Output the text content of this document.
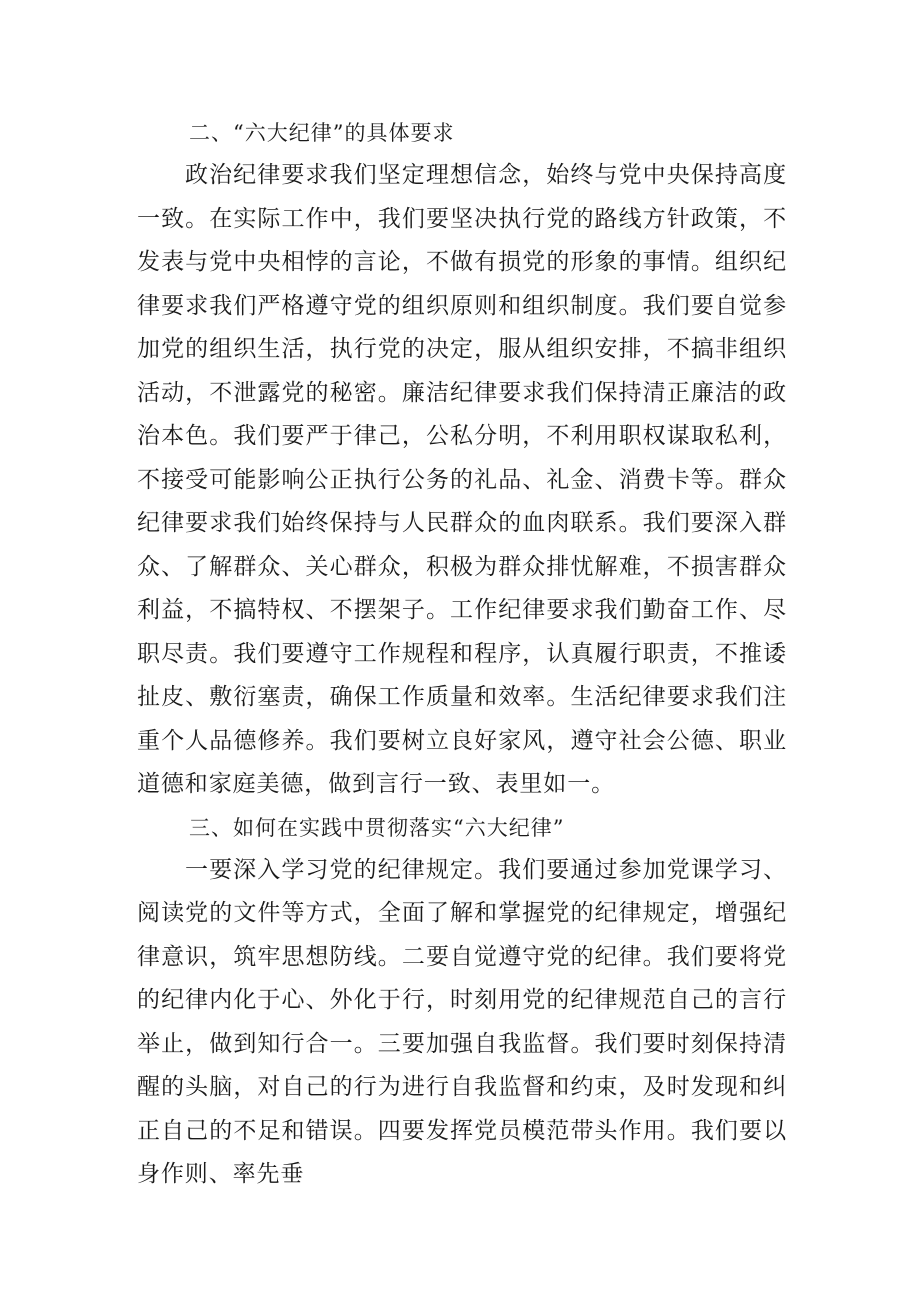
二、“六大纪律”的具体要求

政治纪律要求我们坚定理想信念，始终与党中央保持高度一致。在实际工作中，我们要坚决执行党的路线方针政策，不发表与党中央相悖的言论，不做有损党的形象的事情。组织纪律要求我们严格遵守党的组织原则和组织制度。我们要自觉参加党的组织生活，执行党的决定，服从组织安排，不搞非组织活动，不泄露党的秘密。廉洁纪律要求我们保持清正廉洁的政治本色。我们要严于律己，公私分明，不利用职权谋取私利，不接受可能影响公正执行公务的礼品、礼金、消费卡等。群众纪律要求我们始终保持与人民群众的血肉联系。我们要深入群众、了解群众、关心群众，积极为群众排忧解难，不损害群众利益，不搞特权、不摆架子。工作纪律要求我们勤奋工作、尽职尽责。我们要遵守工作规程和程序，认真履行职责，不推诿扯皮、敷衍塞责，确保工作质量和效率。生活纪律要求我们注重个人品德修养。我们要树立良好家风，遵守社会公德、职业道德和家庭美德，做到言行一致、表里如一。

三、如何在实践中贯彻落实“六大纪律”

一要深入学习党的纪律规定。我们要通过参加党课学习、阅读党的文件等方式，全面了解和掌握党的纪律规定，增强纪律意识，筑牢思想防线。二要自觉遵守党的纪律。我们要将党的纪律内化于心、外化于行，时刻用党的纪律规范自己的言行举止，做到知行合一。三要加强自我监督。我们要时刻保持清醒的头脑，对自己的行为进行自我监督和约束，及时发现和纠正自己的不足和错误。四要发挥党员模范带头作用。我们要以身作则、率先垂
